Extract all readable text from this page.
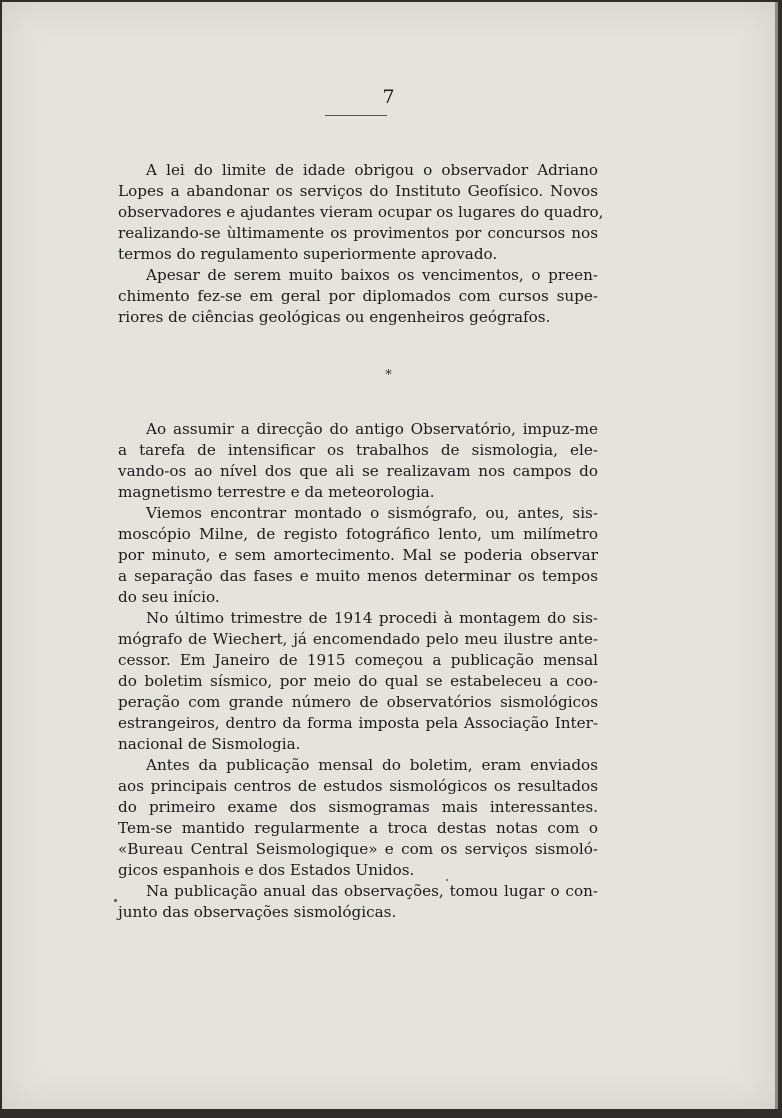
7
A lei do limite de idade obrigou o observador Adriano
Lopes a abandonar os serviços do Instituto Geofísico. Novos
observadores e ajudantes vieram ocupar os lugares do quadro,
realizando-se ùltimamente os provimentos por concursos nos
termos do regulamento superiormente aprovado.
Apesar de serem muito baixos os vencimentos, o preen-
chimento fez-se em geral por diplomados com cursos supe-
riores de ciências geológicas ou engenheiros geógrafos.
*
Ao assumir a direcção do antigo Observatório, impuz-me
a tarefa de intensificar os trabalhos de sismologia, ele-
vando-os ao nível dos que ali se realizavam nos campos do
magnetismo terrestre e da meteorologia.
Viemos encontrar montado o sismógrafo, ou, antes, sis-
moscópio Milne, de registo fotográfico lento, um milímetro
por minuto, e sem amortecimento. Mal se poderia observar
a separação das fases e muito menos determinar os tempos
do seu início.
No último trimestre de 1914 procedi à montagem do sis-
mógrafo de Wiechert, já encomendado pelo meu ilustre ante-
cessor. Em Janeiro de 1915 começou a publicação mensal
do boletim sísmico, por meio do qual se estabeleceu a coo-
peração com grande número de observatórios sismológicos
estrangeiros, dentro da forma imposta pela Associação Inter-
nacional de Sismologia.
Antes da publicação mensal do boletim, eram enviados
aos principais centros de estudos sismológicos os resultados
do primeiro exame dos sismogramas mais interessantes.
Tem-se mantido regularmente a troca destas notas com o
«Bureau Central Seismologique» e com os serviços sismoló-
gicos espanhois e dos Estados Unidos.
Na publicação anual das observações, tomou lugar o con-
junto das observações sismológicas.
